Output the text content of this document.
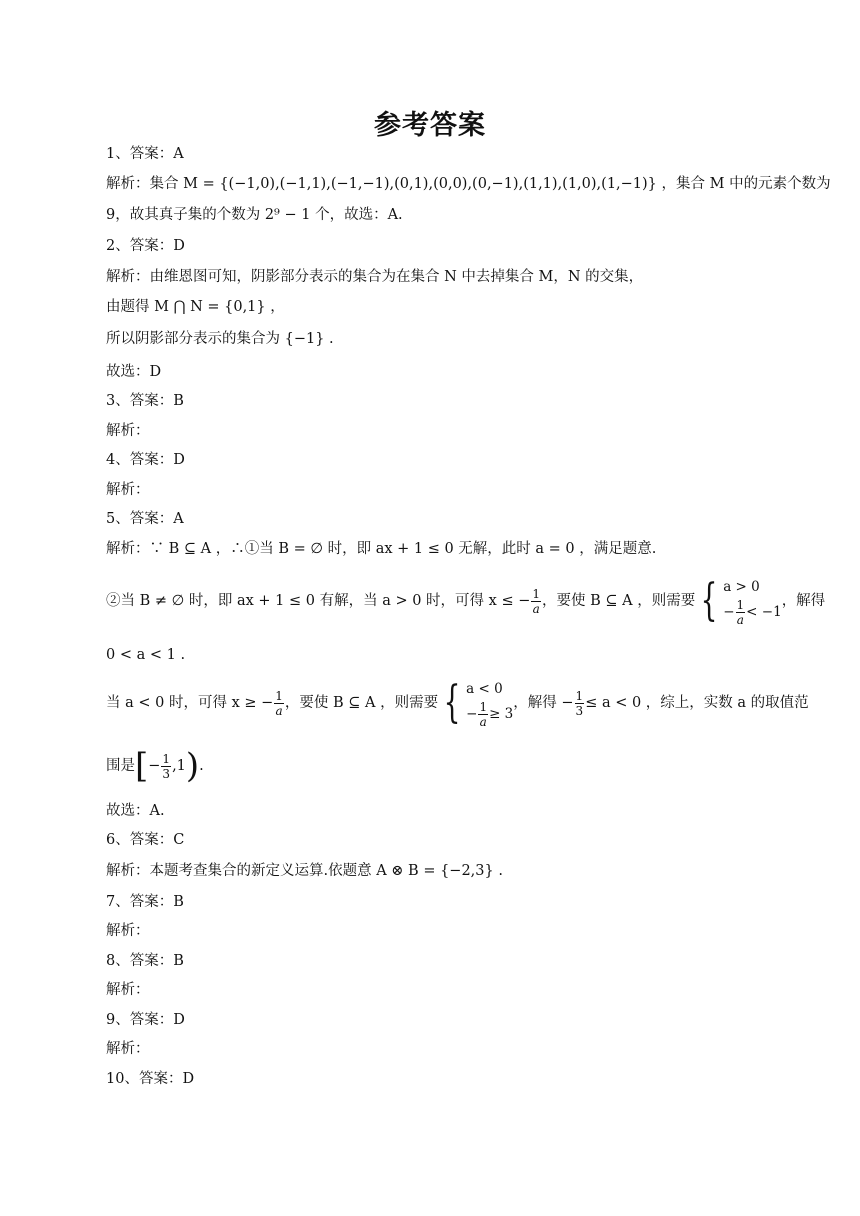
参考答案
1、答案：A
解析：集合 M = {(−1,0),(−1,1),(−1,−1),(0,1),(0,0),(0,−1),(1,1),(1,0),(1,−1)} ，集合 M 中的元素个数为
9，故其真子集的个数为 2⁹ − 1 个，故选：A.
2、答案：D
解析：由维恩图可知，阴影部分表示的集合为在集合 N 中去掉集合 M，N 的交集，
由题得 M ⋂ N = {0,1} ，
所以阴影部分表示的集合为 {−1} .
故选：D
3、答案：B
解析：
4、答案：D
解析：
5、答案：A
解析：∵ B ⊆ A ，∴①当 B = ∅ 时，即 ax + 1 ≤ 0 无解，此时 a = 0 ，满足题意.
②当 B ≠ ∅ 时，即 ax + 1 ≤ 0 有解，当 a > 0 时，可得 x ≤ − $\frac{1}{a}$ ，要使 B ⊆ A ，则需要 { a > 0
− $\frac{1}{a} < -1$
，解得
0 < a < 1 .
当 a < 0 时，可得 x ≥ − $\frac{1}{a}$ ，要使 B ⊆ A ，则需要 { a < 0
− $\frac{1}{a} \ge 3$
，解得 − $\frac{1}{3} \le a < 0$ ，综上，实数 a 的取值范
围是 [ − $\frac{1}{3} ,1$ ) .
故选：A.
6、答案：C
解析：本题考查集合的新定义运算.依题意 A ⊗ B = {−2,3} .
7、答案：B
解析：
8、答案：B
解析：
9、答案：D
解析：
10、答案：D
